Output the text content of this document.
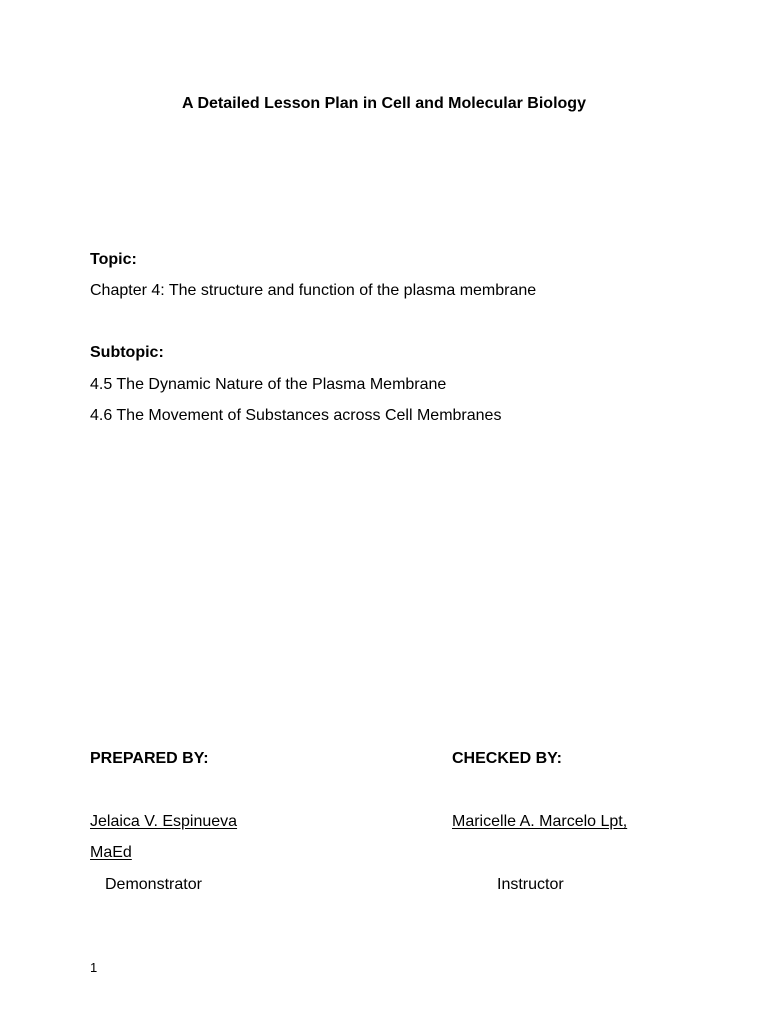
A Detailed Lesson Plan in Cell and Molecular Biology
Topic:
Chapter 4: The structure and function of the plasma membrane
Subtopic:
4.5 The Dynamic Nature of the Plasma Membrane
4.6 The Movement of Substances across Cell Membranes
PREPARED BY:	CHECKED BY:
Jelaica V. Espinueva
MaEd
Maricelle A. Marcelo Lpt,
Demonstrator	Instructor
1
